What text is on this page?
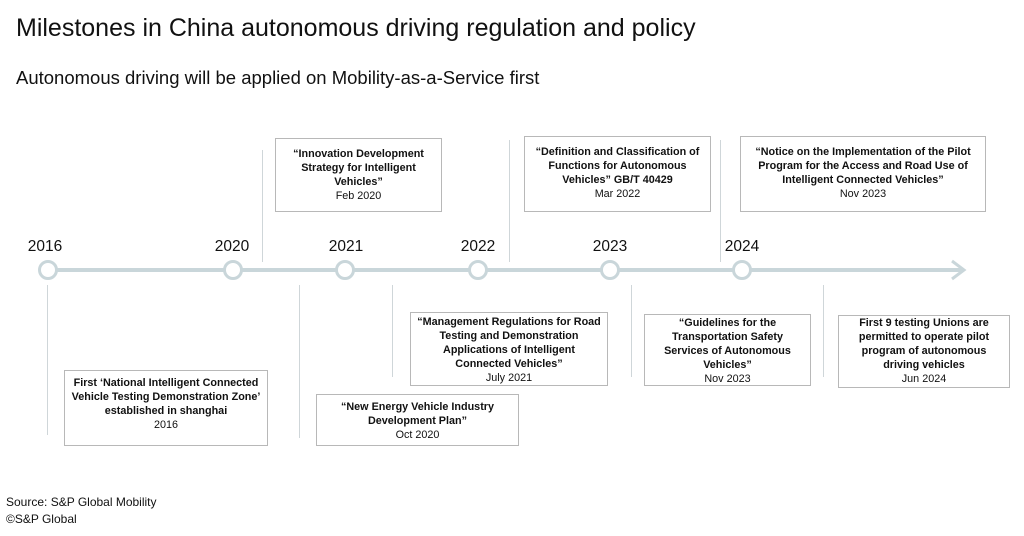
Milestones in China autonomous driving regulation and policy
Autonomous driving will be applied on Mobility-as-a-Service first
2016	2020	2021	2022	2023	2024
First ‘National Intelligent Connected Vehicle Testing Demonstration Zone’ established in shanghai
2016
“Innovation Development Strategy for Intelligent Vehicles”
Feb 2020
“New Energy Vehicle Industry Development Plan”
Oct 2020
“Management Regulations for Road Testing and Demonstration Applications of Intelligent Connected Vehicles”
July 2021
“Definition and Classification of Functions for Autonomous Vehicles” GB/T 40429
Mar 2022
“Guidelines for the Transportation Safety Services of Autonomous Vehicles”
Nov 2023
“Notice on the Implementation of the Pilot Program for the Access and Road Use of Intelligent Connected Vehicles”
Nov 2023
First 9 testing Unions are permitted to operate pilot program of autonomous driving vehicles
Jun 2024
Source: S&P Global Mobility
©S&P Global
